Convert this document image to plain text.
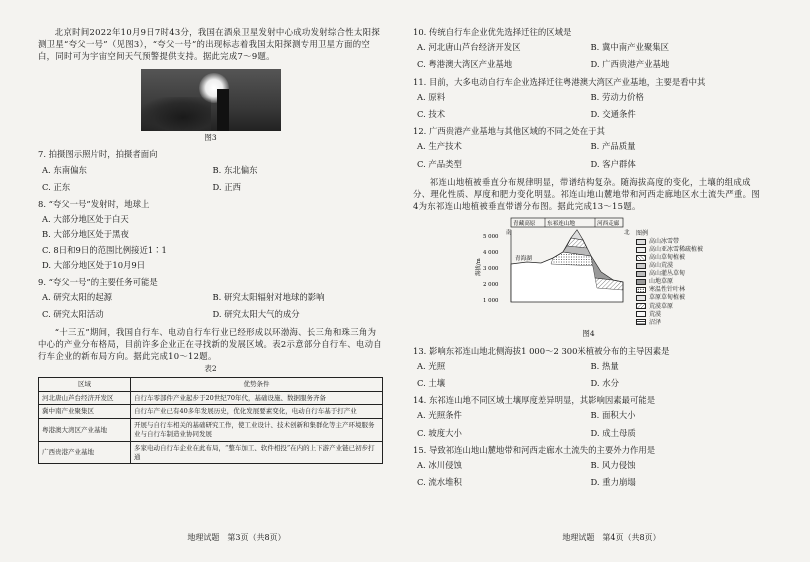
北京时间2022年10月9日7时43分，我国在酒泉卫星发射中心成功发射综合性太阳探测卫星“夸父一号”（见图3），“夸父一号”的出现标志着我国太阳探测专用卫星方面的空白，同时可为宇宙空间天气预警提供支持。据此完成7～9题。

图3
7. 拍摄图示照片时，拍摄者面向
A. 东南偏东	B. 东北偏东
C. 正东	D. 正西
8. “夸父一号”发射时，地球上
A. 大部分地区处于白天
B. 大部分地区处于黑夜
C. 8日和9日的范围比例接近1∶1
D. 大部分地区处于10月9日
9. “夸父一号”的主要任务可能是
A. 研究太阳的起源	B. 研究太阳辐射对地球的影响
C. 研究太阳活动	D. 研究太阳大气的成分

“十三五”期间，我国自行车、电动自行车行业已经形成以环渤海、长三角和珠三角为中心的产业分布格局，目前许多企业正在寻找新的发展区域。表2示意部分自行车、电动自行车企业的新布局方向。据此完成10～12题。

表2
区域	优势条件
河北唐山芦台经济开发区	自行车零部件产业起步于20世纪70年代，基础设施、数据服务齐备
冀中南产业聚集区	自行车产业已有40多年发展历史，优化发展要素变化，电动自行车基于打产业
粤港澳大湾区产业基地	开展与自行车相关的基础研究工作，使工业设计、技术创新和集群化等主产环境服务业与自行车制造业协同发展
广西贵港产业基地	多家电动自行车企业在此布局，“整车加工、软件相投”在内的上下游产业链已初步打通
地理试题　第3页（共8页）
10. 传统自行车企业优先选择迁往的区域是
A. 河北唐山芦台经济开发区	B. 冀中南产业聚集区
C. 粤港澳大湾区产业基地	D. 广西贵港产业基地
11. 目前，大多电动自行车企业选择迁往粤港澳大湾区产业基地，主要是看中其
A. 原料	B. 劳动力价格
C. 技术	D. 交通条件
12. 广西贵港产业基地与其他区域的不同之处在于其
A. 生产技术	B. 产品质量
C. 产品类型	D. 客户群体

祁连山地植被垂直分布规律明显，带谱结构复杂。随海拔高度的变化，土壤的组成成分、理化性质、厚度和肥力变化明显。祁连山地山麓地带和河西走廊地区水土流失严重。图4为东祁连山地植被垂直带谱分布图。据此完成13～15题。

青藏高原 东祁连山地	河西走廊
南	北
5 000
4 000
3 000
2 000
1 000
海拔/m	青海湖
图例
高山冰雪带
高山亚冰雪稀疏植被
高山草甸植被
高山荒漠
高山灌丛草甸
山地草原
寒温性针叶林
草原草甸植被
荒漠草原
荒漠
沼泽
图4
13. 影响东祁连山地北侧海拔1 000～2 300米植被分布的主导因素是
A. 光照	B. 热量
C. 土壤	D. 水分
14. 东祁连山地不同区域土壤厚度差异明显，其影响因素最可能是
A. 光照条件	B. 面积大小
C. 坡度大小	D. 成土母质
15. 导致祁连山地山麓地带和河西走廊水土流失的主要外力作用是
A. 冰川侵蚀	B. 风力侵蚀
C. 流水堆积	D. 重力崩塌
地理试题　第4页（共8页）
